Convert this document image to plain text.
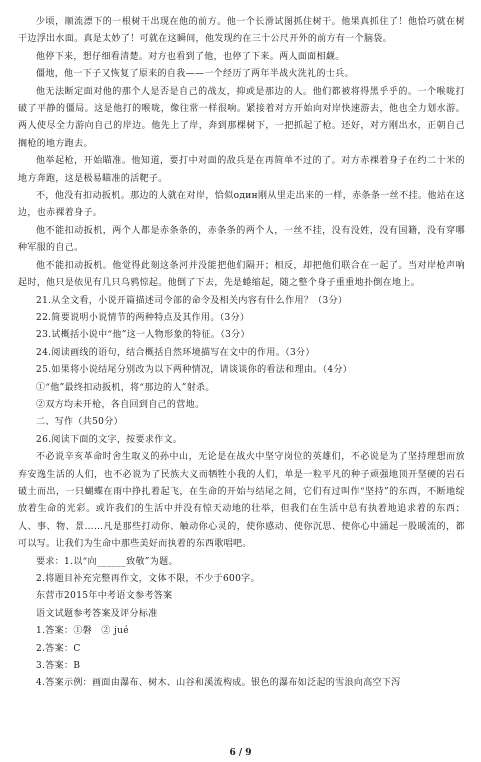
少顷，顺流漂下的一根树干出现在他的前方。他一个长滑试图抓住树干。他果真抓住了！他恰巧就在树干边浮出水面。真是太妙了！可就在这瞬间，他发现约在三十公尺开外的前方有一个脑袋。

他停下来，想仔细看清楚。对方也看到了他，也停了下来。两人面面相觑。

僵地，他一下子又恢复了原来的自我——一个经历了两年半战火洗礼的士兵。

他无法断定面对他的那个人是否是自己的战友，抑或是那边的人。他们都被将得黑乎乎的。一个喉咙打破了平静的僵局。这是他打的喉咙，像往常一样很响。紧接着对方开始向对岸快速游去，他也全力划水游。两人使尽全力游向自己的岸边。他先上了岸，奔到那棵树下，一把抓起了枪。还好，对方刚出水，正朝自己搁枪的地方跑去。

他举起枪，开始瞄准。他知道，要打中对面的敌兵是在再简单不过的了。对方赤裸着身子在约二十米的地方奔跑，这是极易瞄准的活靶子。

不，他没有扣动扳机。那边的人就在对岸，恰似один刚从里走出来的一样，赤条条一丝不挂。他站在这边，也赤裸着身子。

他不能扣动扳机，两个人都是赤条条的，赤条条的两个人，一丝不挂，没有没姓，没有国籍，没有穿哪种军服的自己。

他不能扣动扳机。他觉得此刻这条河并没能把他们隔开；相反，却把他们联合在一起了。当对岸枪声响起时，他只是依见有几只乌鸦惊起。他倒了下去，先是蜷缩起，随之整个身子重重地扑倒在地上。

21.从全文看，小说开篇描述司令部的命令及相关内容有什么作用？（3分）

22.简要说明小说情节的两种特点及其作用。（3分）

23.试概括小说中“他”这一人物形象的特征。（3分）

24.阅读画线的语句，结合概括自然环境描写在文中的作用。（3分）

25.如果将小说结尾分别改为以下两种情况，请谈谈你的看法和理由。（4分）

①“他”最终扣动扳机，将“那边的人”射杀。

②双方均未开枪，各自回到自己的营地。

二、写作（共50分）

26.阅读下面的文字，按要求作文。

不必说辛亥革命时舍生取义的孙中山，无论是在战火中坚守岗位的英雄们，不必说是为了坚持理想而放弃安逸生活的人们，也不必说为了民族大义而牺牲小我的人们，单是一粒平凡的种子顽强地顶开坚硬的岩石破土而出，一只蝴蝶在雨中挣扎着起飞，在生命的开始与结尾之间，它们有过叫作“坚持”的东西，不断地绽放着生命的光彩。或许我们的生活中并没有惊天动地的壮举，但我们在生活中总有执着地追求着的东西；人、事、物、景……凡是那些打动你、触动你心灵的，使你感动、使你沉思、使你心中涌起一股暖流的，都可以写。让我们为生命中那些美好而执着的东西歌唱吧。

要求：1.以“向______致敬”为题。

2.将题目补充完整再作文，文体不限，不少于600字。

东营市2015年中考语文参考答案

语文试题参考答案及评分标准

1.答案：①磐　② jué

2.答案：C

3.答案：B

4.答案示例：画面由瀑布、树木、山谷和溪流构成。银色的瀑布如泛起的雪浪向高空下泻

6 / 9
